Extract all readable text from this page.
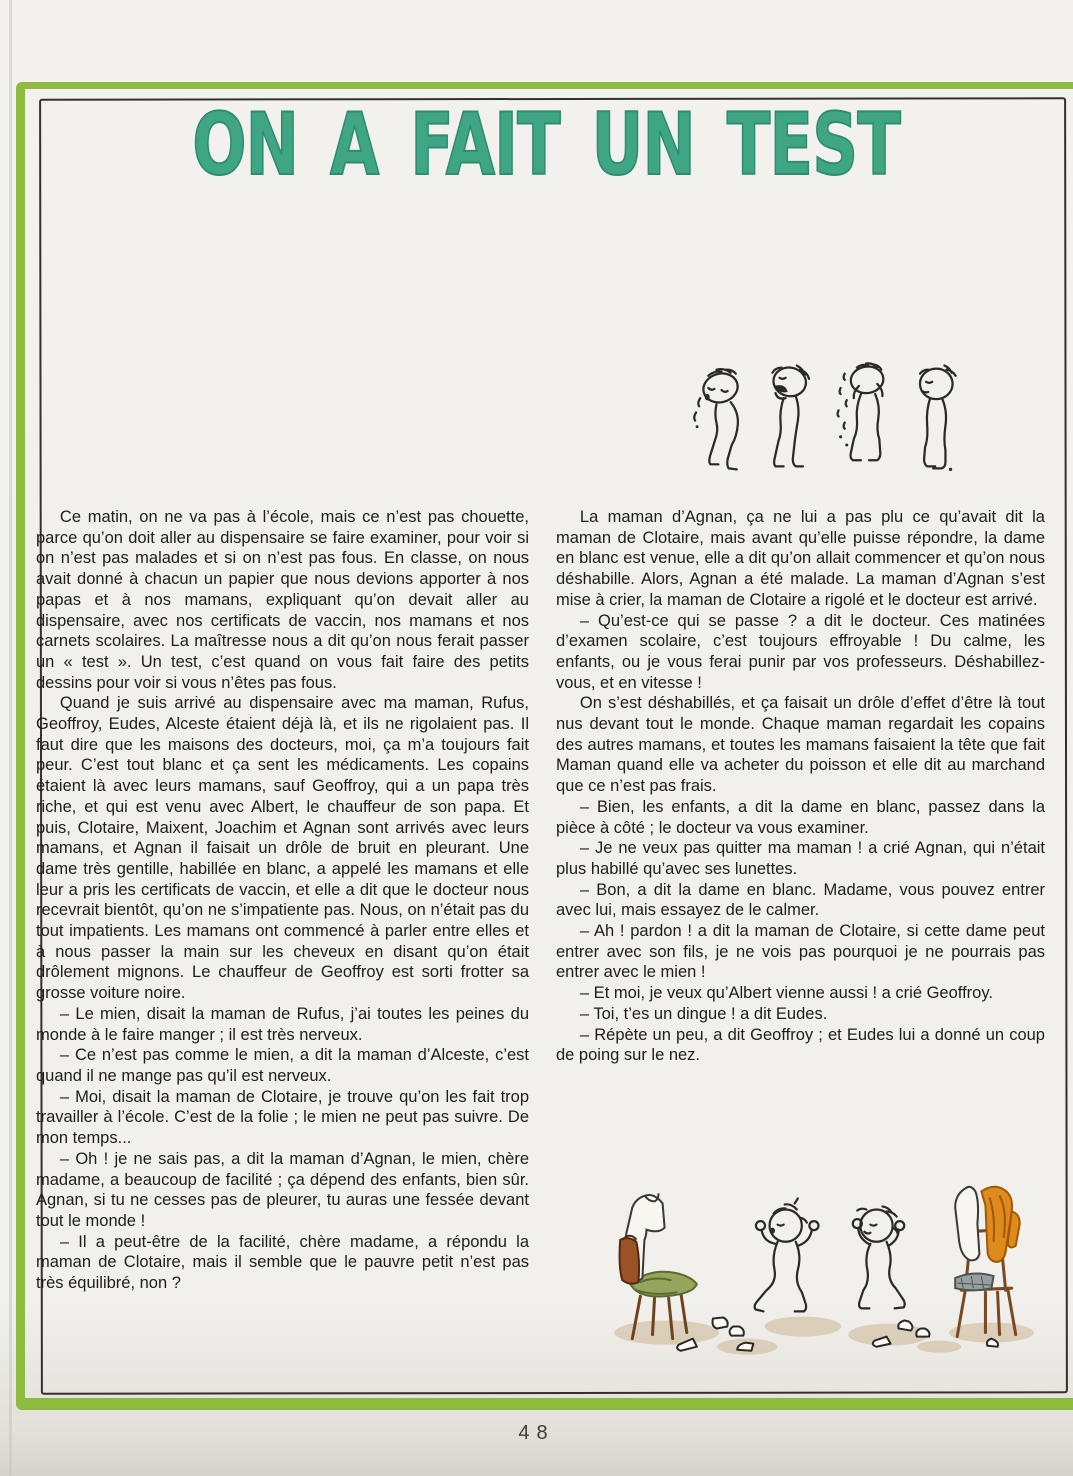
ON A FAIT UN TEST

Ce matin, on ne va pas à l’école, mais ce n’est pas chouette, parce qu’on doit aller au dispensaire se faire examiner, pour voir si on n’est pas malades et si on n’est pas fous. En classe, on nous avait donné à chacun un papier que nous devions apporter à nos papas et à nos mamans, expliquant qu’on devait aller au dispensaire, avec nos certificats de vaccin, nos mamans et nos carnets scolaires. La maîtresse nous a dit qu’on nous ferait passer un « test ». Un test, c’est quand on vous fait faire des petits dessins pour voir si vous n’êtes pas fous.

Quand je suis arrivé au dispensaire avec ma maman, Rufus, Geoffroy, Eudes, Alceste étaient déjà là, et ils ne rigolaient pas. Il faut dire que les maisons des docteurs, moi, ça m’a toujours fait peur. C’est tout blanc et ça sent les médicaments. Les copains étaient là avec leurs mamans, sauf Geoffroy, qui a un papa très riche, et qui est venu avec Albert, le chauffeur de son papa. Et puis, Clotaire, Maixent, Joachim et Agnan sont arrivés avec leurs mamans, et Agnan il faisait un drôle de bruit en pleurant. Une dame très gentille, habillée en blanc, a appelé les mamans et elle leur a pris les certificats de vaccin, et elle a dit que le docteur nous recevrait bientôt, qu’on ne s’impatiente pas. Nous, on n’était pas du tout impatients. Les mamans ont commencé à parler entre elles et à nous passer la main sur les cheveux en disant qu’on était drôlement mignons. Le chauffeur de Geoffroy est sorti frotter sa grosse voiture noire.

– Le mien, disait la maman de Rufus, j’ai toutes les peines du monde à le faire manger ; il est très nerveux.

– Ce n’est pas comme le mien, a dit la maman d’Alceste, c’est quand il ne mange pas qu’il est nerveux.

– Moi, disait la maman de Clotaire, je trouve qu’on les fait trop travailler à l’école. C’est de la folie ; le mien ne peut pas suivre. De mon temps...

– Oh ! je ne sais pas, a dit la maman d’Agnan, le mien, chère madame, a beaucoup de facilité ; ça dépend des enfants, bien sûr. Agnan, si tu ne cesses pas de pleurer, tu auras une fessée devant tout le monde !

– Il a peut-être de la facilité, chère madame, a répondu la maman de Clotaire, mais il semble que le pauvre petit n’est pas très équilibré, non ?

La maman d’Agnan, ça ne lui a pas plu ce qu’avait dit la maman de Clotaire, mais avant qu’elle puisse répondre, la dame en blanc est venue, elle a dit qu’on allait commencer et qu’on nous déshabille. Alors, Agnan a été malade. La maman d’Agnan s’est mise à crier, la maman de Clotaire a rigolé et le docteur est arrivé.

– Qu’est-ce qui se passe ? a dit le docteur. Ces matinées d’examen scolaire, c’est toujours effroyable ! Du calme, les enfants, ou je vous ferai punir par vos professeurs. Déshabillez-vous, et en vitesse !

On s’est déshabillés, et ça faisait un drôle d’effet d’être là tout nus devant tout le monde. Chaque maman regardait les copains des autres mamans, et toutes les mamans faisaient la tête que fait Maman quand elle va acheter du poisson et elle dit au marchand que ce n’est pas frais.

– Bien, les enfants, a dit la dame en blanc, passez dans la pièce à côté ; le docteur va vous examiner.

– Je ne veux pas quitter ma maman ! a crié Agnan, qui n’était plus habillé qu’avec ses lunettes.

– Bon, a dit la dame en blanc. Madame, vous pouvez entrer avec lui, mais essayez de le calmer.

– Ah ! pardon ! a dit la maman de Clotaire, si cette dame peut entrer avec son fils, je ne vois pas pourquoi je ne pourrais pas entrer avec le mien !

– Et moi, je veux qu’Albert vienne aussi ! a crié Geoffroy.

– Toi, t’es un dingue ! a dit Eudes.

– Répète un peu, a dit Geoffroy ; et Eudes lui a donné un coup de poing sur le nez.

48
